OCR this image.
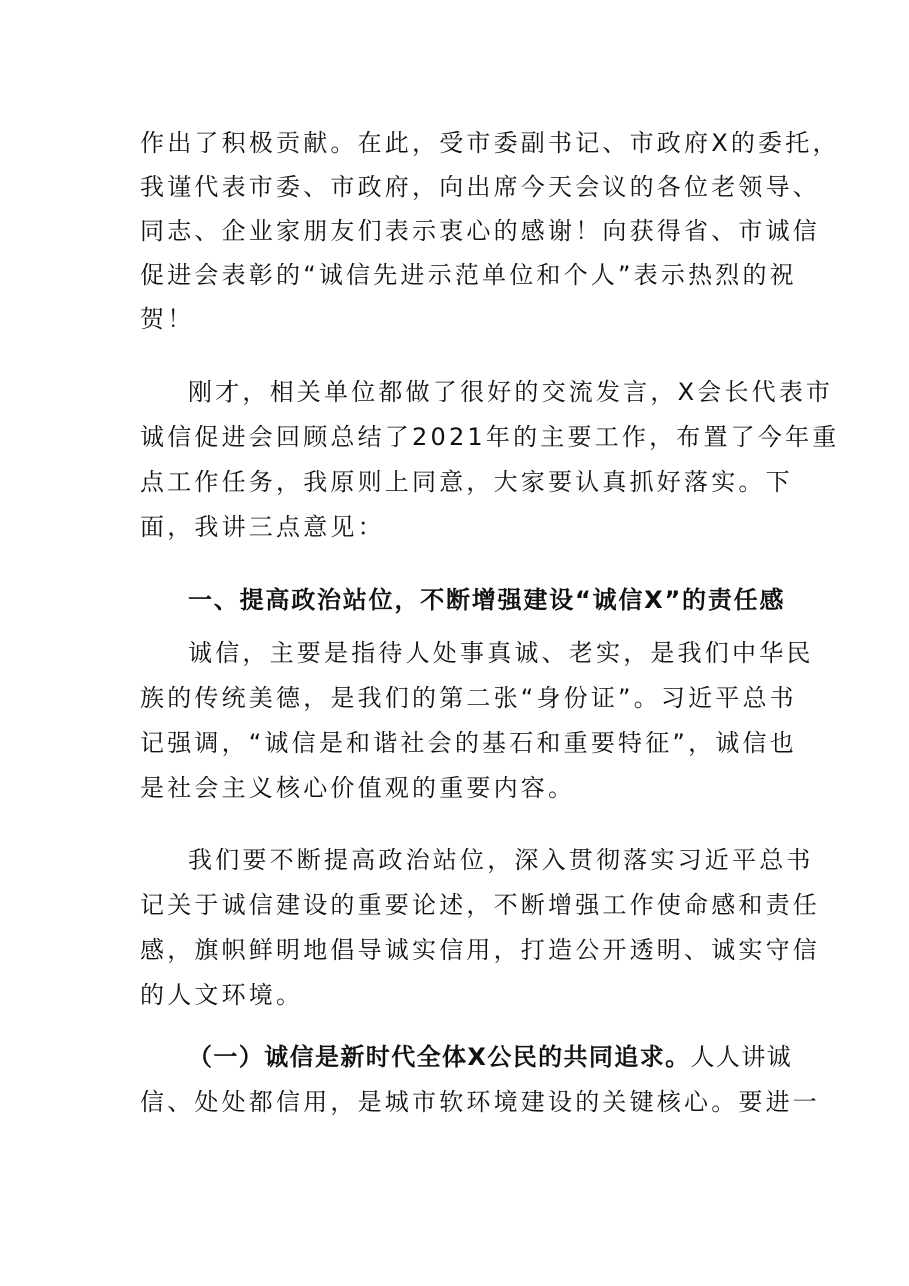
作出了积极贡献。在此，受市委副书记、市政府X的委托，
我谨代表市委、市政府，向出席今天会议的各位老领导、
同志、企业家朋友们表示衷心的感谢！向获得省、市诚信
促进会表彰的“诚信先进示范单位和个人”表示热烈的祝
贺！
刚才，相关单位都做了很好的交流发言，X会长代表市
诚信促进会回顾总结了2021年的主要工作，布置了今年重
点工作任务，我原则上同意，大家要认真抓好落实。下
面，我讲三点意见：
一、提高政治站位，不断增强建设“诚信X”的责任感
诚信，主要是指待人处事真诚、老实，是我们中华民
族的传统美德，是我们的第二张“身份证”。习近平总书
记强调，“诚信是和谐社会的基石和重要特征”，诚信也
是社会主义核心价值观的重要内容。
我们要不断提高政治站位，深入贯彻落实习近平总书
记关于诚信建设的重要论述，不断增强工作使命感和责任
感，旗帜鲜明地倡导诚实信用，打造公开透明、诚实守信
的人文环境。
（一）诚信是新时代全体X公民的共同追求。人人讲诚
信、处处都信用，是城市软环境建设的关键核心。要进一
